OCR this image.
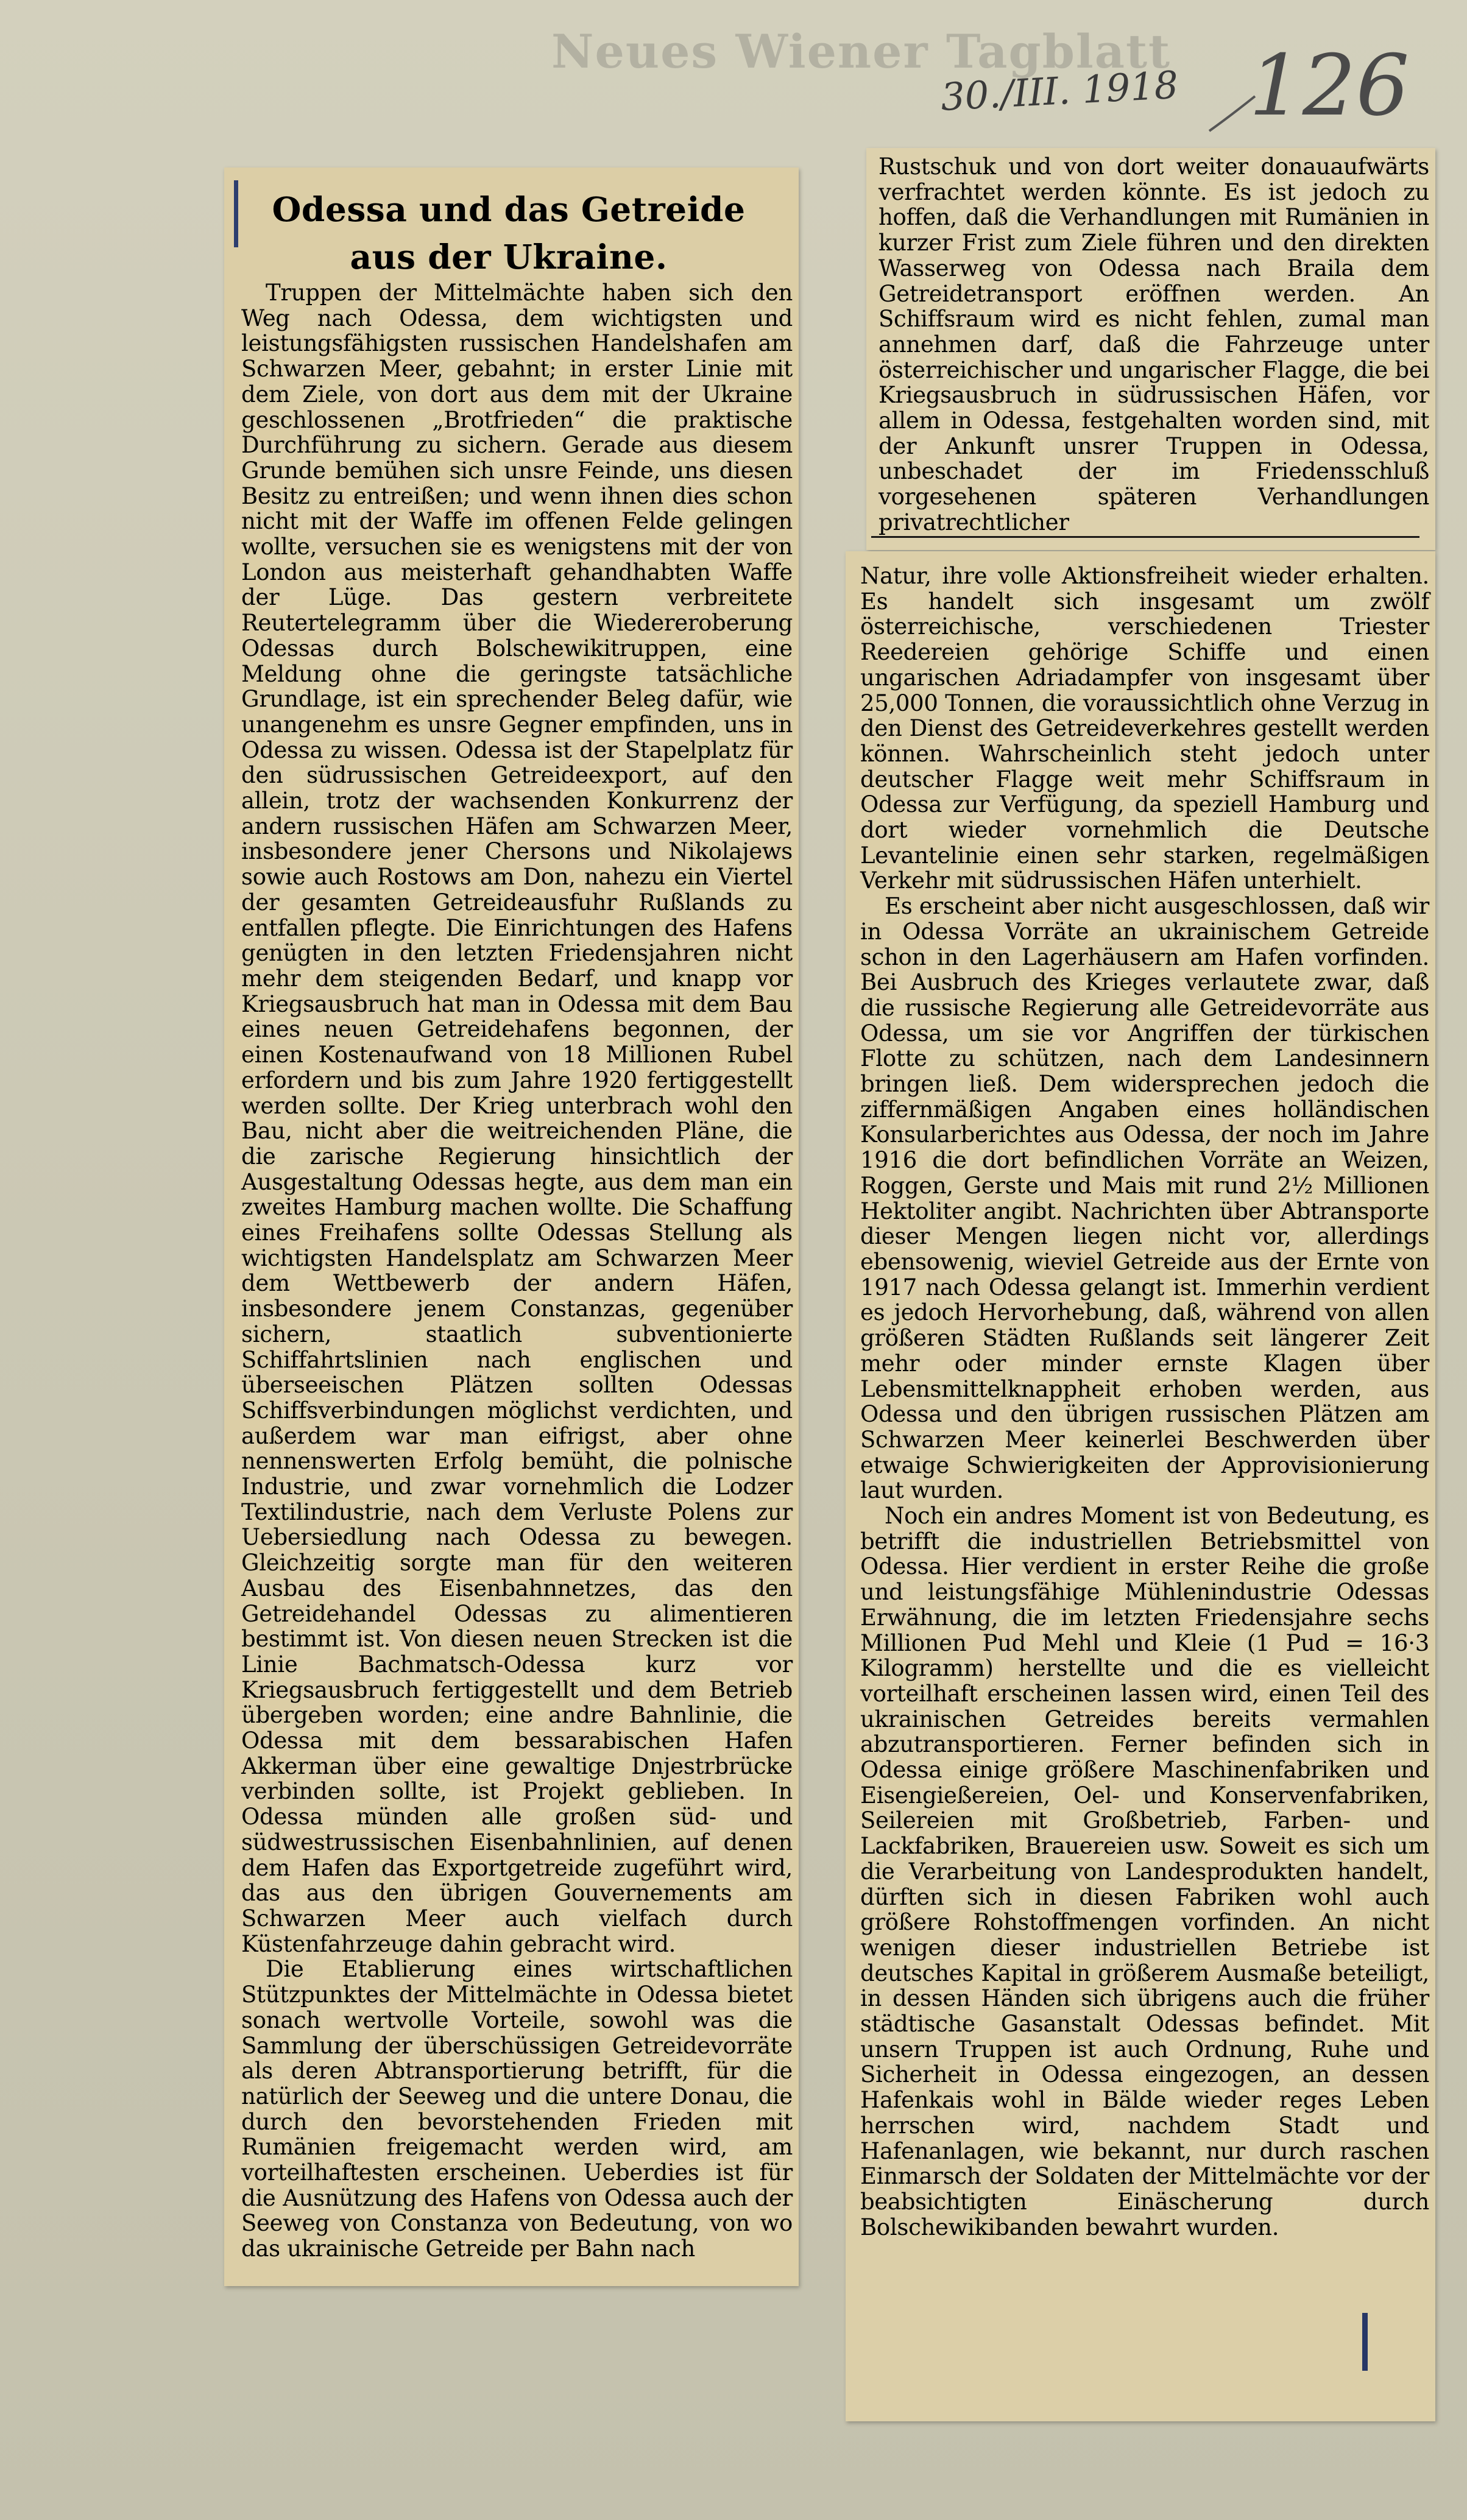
Neues Wiener Tagblatt
30./III. 1918 126
Odessa und das Getreide aus der Ukraine.

Truppen der Mittelmächte haben sich den Weg nach Odessa, dem wichtigsten und leistungsfähigsten russischen Handelshafen am Schwarzen Meer, gebahnt; in erster Linie mit dem Ziele, von dort aus dem mit der Ukraine geschlossenen „Brotfrieden“ die praktische Durchführung zu sichern. Gerade aus diesem Grunde bemühen sich unsre Feinde, uns diesen Besitz zu entreißen; und wenn ihnen dies schon nicht mit der Waffe im offenen Felde gelingen wollte, versuchen sie es wenigstens mit der von London aus meisterhaft gehandhabten Waffe der Lüge. Das gestern verbreitete Reutertelegramm über die Wiedereroberung Odessas durch Bolschewikitruppen, eine Meldung ohne die geringste tatsächliche Grundlage, ist ein sprechender Beleg dafür, wie unangenehm es unsre Gegner empfinden, uns in Odessa zu wissen. Odessa ist der Stapelplatz für den südrussischen Getreideexport, auf den allein, trotz der wachsenden Konkurrenz der andern russischen Häfen am Schwarzen Meer, insbesondere jener Chersons und Nikolajews sowie auch Rostows am Don, nahezu ein Viertel der gesamten Getreideausfuhr Rußlands zu entfallen pflegte. Die Einrichtungen des Hafens genügten in den letzten Friedensjahren nicht mehr dem steigenden Bedarf, und knapp vor Kriegsausbruch hat man in Odessa mit dem Bau eines neuen Getreidehafens begonnen, der einen Kostenaufwand von 18 Millionen Rubel erfordern und bis zum Jahre 1920 fertiggestellt werden sollte. Der Krieg unterbrach wohl den Bau, nicht aber die weitreichenden Pläne, die die zarische Regierung hinsichtlich der Ausgestaltung Odessas hegte, aus dem man ein zweites Hamburg machen wollte. Die Schaffung eines Freihafens sollte Odessas Stellung als wichtigsten Handelsplatz am Schwarzen Meer dem Wettbewerb der andern Häfen, insbesondere jenem Constanzas, gegenüber sichern, staatlich subventionierte Schiffahrtslinien nach englischen und überseeischen Plätzen sollten Odessas Schiffsverbindungen möglichst verdichten, und außerdem war man eifrigst, aber ohne nennenswerten Erfolg bemüht, die polnische Industrie, und zwar vornehmlich die Lodzer Textilindustrie, nach dem Verluste Polens zur Uebersiedlung nach Odessa zu bewegen. Gleichzeitig sorgte man für den weiteren Ausbau des Eisenbahnnetzes, das den Getreidehandel Odessas zu alimentieren bestimmt ist. Von diesen neuen Strecken ist die Linie Bachmatsch-Odessa kurz vor Kriegsausbruch fertiggestellt und dem Betrieb übergeben worden; eine andre Bahnlinie, die Odessa mit dem bessarabischen Hafen Akkerman über eine gewaltige Dnjestrbrücke verbinden sollte, ist Projekt geblieben. In Odessa münden alle großen süd- und südwestrussischen Eisenbahnlinien, auf denen dem Hafen das Exportgetreide zugeführt wird, das aus den übrigen Gouvernements am Schwarzen Meer auch vielfach durch Küstenfahrzeuge dahin gebracht wird.

Die Etablierung eines wirtschaftlichen Stützpunktes der Mittelmächte in Odessa bietet sonach wertvolle Vorteile, sowohl was die Sammlung der überschüssigen Getreidevorräte als deren Abtransportierung betrifft, für die natürlich der Seeweg und die untere Donau, die durch den bevorstehenden Frieden mit Rumänien freigemacht werden wird, am vorteilhaftesten erscheinen. Ueberdies ist für die Ausnützung des Hafens von Odessa auch der Seeweg von Constanza von Bedeutung, von wo das ukrainische Getreide per Bahn nach

Rustschuk und von dort weiter donauaufwärts verfrachtet werden könnte. Es ist jedoch zu hoffen, daß die Verhandlungen mit Rumänien in kurzer Frist zum Ziele führen und den direkten Wasserweg von Odessa nach Braila dem Getreidetransport eröffnen werden. An Schiffsraum wird es nicht fehlen, zumal man annehmen darf, daß die Fahrzeuge unter österreichischer und ungarischer Flagge, die bei Kriegsausbruch in südrussischen Häfen, vor allem in Odessa, festgehalten worden sind, mit der Ankunft unsrer Truppen in Odessa, unbeschadet der im Friedensschluß vorgesehenen späteren Verhandlungen privatrechtlicher

Natur, ihre volle Aktionsfreiheit wieder erhalten. Es handelt sich insgesamt um zwölf österreichische, verschiedenen Triester Reedereien gehörige Schiffe und einen ungarischen Adriadampfer von insgesamt über 25,000 Tonnen, die voraussichtlich ohne Verzug in den Dienst des Getreideverkehres gestellt werden können. Wahrscheinlich steht jedoch unter deutscher Flagge weit mehr Schiffsraum in Odessa zur Verfügung, da speziell Hamburg und dort wieder vornehmlich die Deutsche Levantelinie einen sehr starken, regelmäßigen Verkehr mit südrussischen Häfen unterhielt.

Es erscheint aber nicht ausgeschlossen, daß wir in Odessa Vorräte an ukrainischem Getreide schon in den Lagerhäusern am Hafen vorfinden. Bei Ausbruch des Krieges verlautete zwar, daß die russische Regierung alle Getreidevorräte aus Odessa, um sie vor Angriffen der türkischen Flotte zu schützen, nach dem Landesinnern bringen ließ. Dem widersprechen jedoch die ziffernmäßigen Angaben eines holländischen Konsularberichtes aus Odessa, der noch im Jahre 1916 die dort befindlichen Vorräte an Weizen, Roggen, Gerste und Mais mit rund 2½ Millionen Hektoliter angibt. Nachrichten über Abtransporte dieser Mengen liegen nicht vor, allerdings ebensowenig, wieviel Getreide aus der Ernte von 1917 nach Odessa gelangt ist. Immerhin verdient es jedoch Hervorhebung, daß, während von allen größeren Städten Rußlands seit längerer Zeit mehr oder minder ernste Klagen über Lebensmittelknappheit erhoben werden, aus Odessa und den übrigen russischen Plätzen am Schwarzen Meer keinerlei Beschwerden über etwaige Schwierigkeiten der Approvisionierung laut wurden.

Noch ein andres Moment ist von Bedeutung, es betrifft die industriellen Betriebsmittel von Odessa. Hier verdient in erster Reihe die große und leistungsfähige Mühlenindustrie Odessas Erwähnung, die im letzten Friedensjahre sechs Millionen Pud Mehl und Kleie (1 Pud = 16·3 Kilogramm) herstellte und die es vielleicht vorteilhaft erscheinen lassen wird, einen Teil des ukrainischen Getreides bereits vermahlen abzutransportieren. Ferner befinden sich in Odessa einige größere Maschinenfabriken und Eisengießereien, Oel- und Konservenfabriken, Seilereien mit Großbetrieb, Farben- und Lackfabriken, Brauereien usw. Soweit es sich um die Verarbeitung von Landesprodukten handelt, dürften sich in diesen Fabriken wohl auch größere Rohstoffmengen vorfinden. An nicht wenigen dieser industriellen Betriebe ist deutsches Kapital in größerem Ausmaße beteiligt, in dessen Händen sich übrigens auch die früher städtische Gasanstalt Odessas befindet. Mit unsern Truppen ist auch Ordnung, Ruhe und Sicherheit in Odessa eingezogen, an dessen Hafenkais wohl in Bälde wieder reges Leben herrschen wird, nachdem Stadt und Hafenanlagen, wie bekannt, nur durch raschen Einmarsch der Soldaten der Mittelmächte vor der beabsichtigten Einäscherung durch Bolschewikibanden bewahrt wurden.
